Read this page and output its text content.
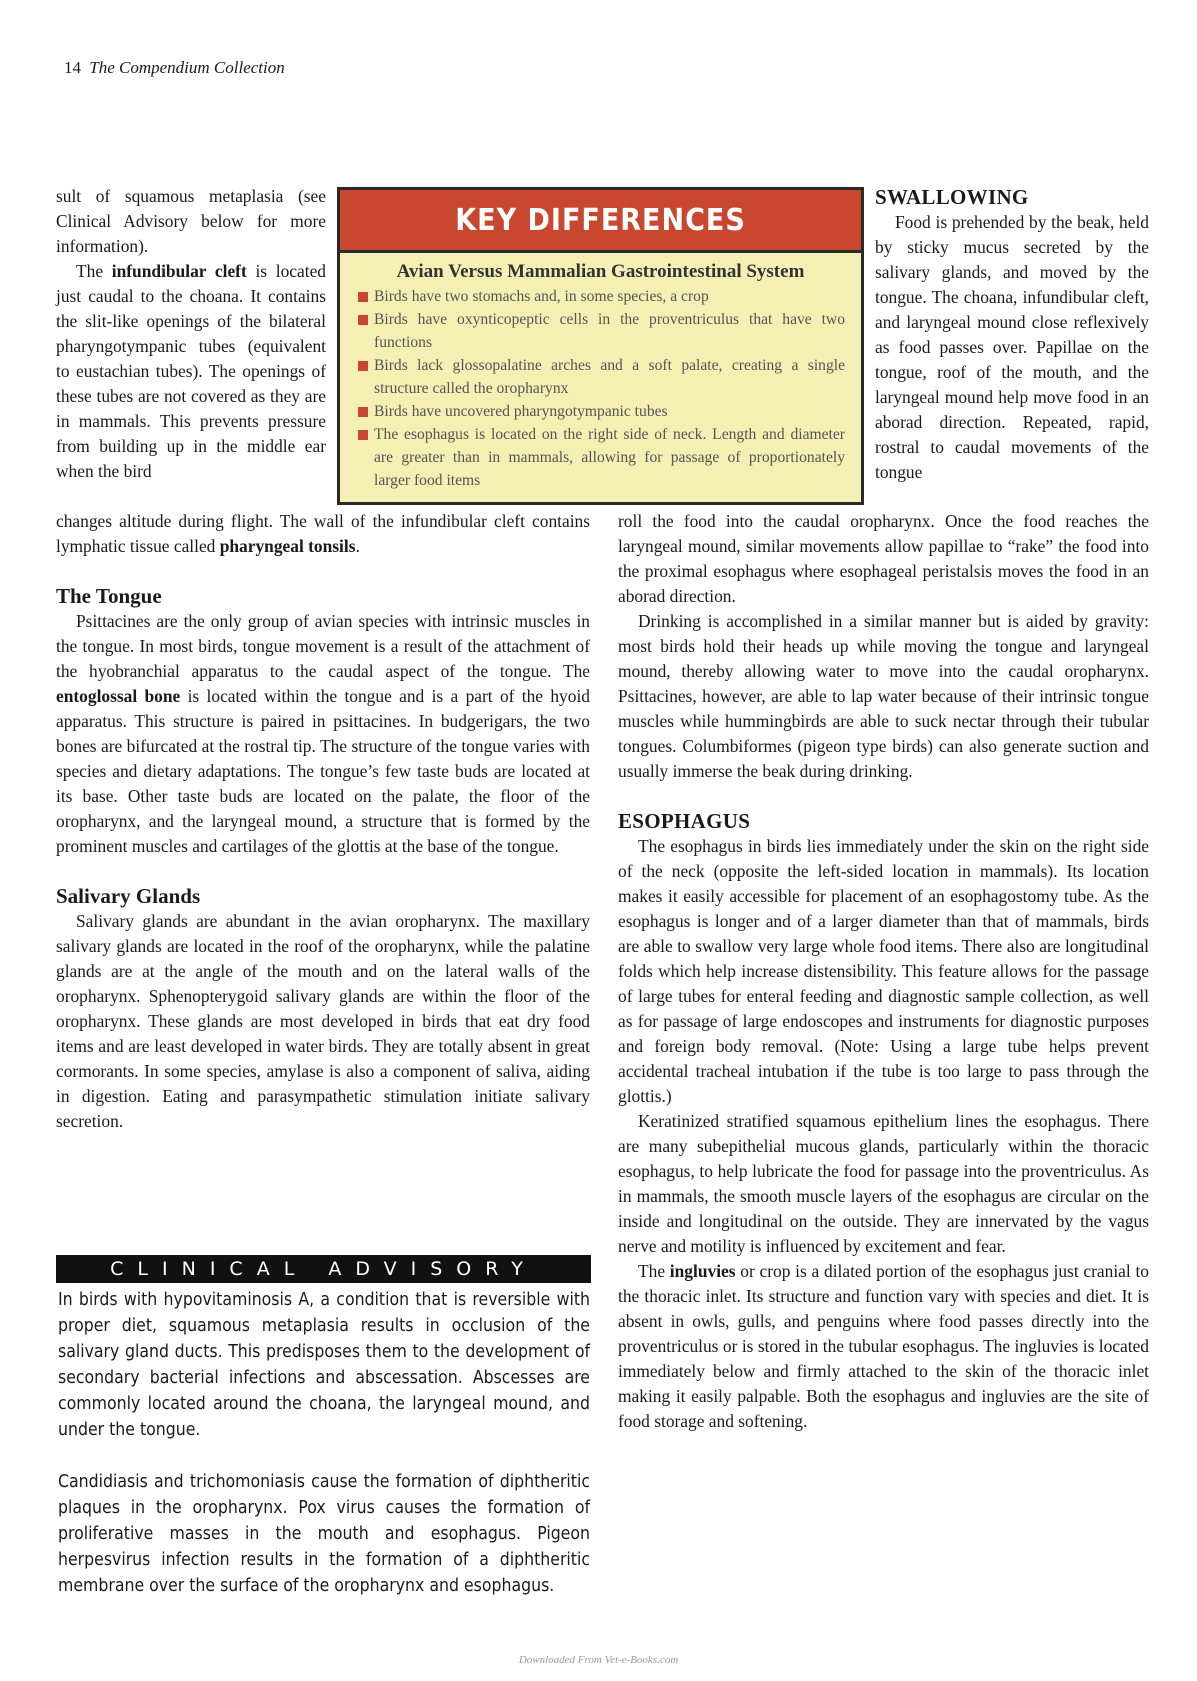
14 The Compendium Collection

sult of squamous metaplasia (see Clinical Advisory below for more information).

The infundibular cleft is located just caudal to the choana. It contains the slit-like openings of the bilateral pharyngotympanic tubes (equivalent to eustachian tubes). The openings of these tubes are not covered as they are in mammals. This prevents pressure from building up in the middle ear when the bird

KEY DIFFERENCES
Avian Versus Mammalian Gastrointestinal System
Birds have two stomachs and, in some species, a crop
Birds have oxynticopeptic cells in the proventriculus that have two functions
Birds lack glossopalatine arches and a soft palate, creating a single structure called the oropharynx
Birds have uncovered pharyngotympanic tubes
The esophagus is located on the right side of neck. Length and diameter are greater than in mammals, allowing for passage of proportionately larger food items
SWALLOWING

Food is prehended by the beak, held by sticky mucus secreted by the salivary glands, and moved by the tongue. The choana, infundibular cleft, and laryngeal mound close reflexively as food passes over. Papillae on the tongue, roof of the mouth, and the laryngeal mound help move food in an aborad direction. Repeated, rapid, rostral to caudal movements of the tongue

changes altitude during flight. The wall of the infundibular cleft contains lymphatic tissue called pharyngeal tonsils.

The Tongue

Psittacines are the only group of avian species with intrinsic muscles in the tongue. In most birds, tongue movement is a result of the attachment of the hyobranchial apparatus to the caudal aspect of the tongue. The entoglossal bone is located within the tongue and is a part of the hyoid apparatus. This structure is paired in psittacines. In budgerigars, the two bones are bifurcated at the rostral tip. The structure of the tongue varies with species and dietary adaptations. The tongue’s few taste buds are located at its base. Other taste buds are located on the palate, the floor of the oropharynx, and the laryngeal mound, a structure that is formed by the prominent muscles and cartilages of the glottis at the base of the tongue.

Salivary Glands

Salivary glands are abundant in the avian oropharynx. The maxillary salivary glands are located in the roof of the oropharynx, while the palatine glands are at the angle of the mouth and on the lateral walls of the oropharynx. Sphenopterygoid salivary glands are within the floor of the oropharynx. These glands are most developed in birds that eat dry food items and are least developed in water birds. They are totally absent in great cormorants. In some species, amylase is also a component of saliva, aiding in digestion. Eating and parasympathetic stimulation initiate salivary secretion.

CLINICAL ADVISORY

In birds with hypovitaminosis A, a condition that is reversible with proper diet, squamous metaplasia results in occlusion of the salivary gland ducts. This predisposes them to the development of secondary bacterial infections and abscessation. Abscesses are commonly located around the choana, the laryngeal mound, and under the tongue.

Candidiasis and trichomoniasis cause the formation of diphtheritic plaques in the oropharynx. Pox virus causes the formation of proliferative masses in the mouth and esophagus. Pigeon herpesvirus infection results in the formation of a diphtheritic membrane over the surface of the oropharynx and esophagus.

roll the food into the caudal oropharynx. Once the food reaches the laryngeal mound, similar movements allow papillae to “rake” the food into the proximal esophagus where esophageal peristalsis moves the food in an aborad direction.

Drinking is accomplished in a similar manner but is aided by gravity: most birds hold their heads up while moving the tongue and laryngeal mound, thereby allowing water to move into the caudal oropharynx. Psittacines, however, are able to lap water because of their intrinsic tongue muscles while hummingbirds are able to suck nectar through their tubular tongues. Columbiformes (pigeon type birds) can also generate suction and usually immerse the beak during drinking.

ESOPHAGUS

The esophagus in birds lies immediately under the skin on the right side of the neck (opposite the left-sided location in mammals). Its location makes it easily accessible for placement of an esophagostomy tube. As the esophagus is longer and of a larger diameter than that of mammals, birds are able to swallow very large whole food items. There also are longitudinal folds which help increase distensibility. This feature allows for the passage of large tubes for enteral feeding and diagnostic sample collection, as well as for passage of large endoscopes and instruments for diagnostic purposes and foreign body removal. (Note: Using a large tube helps prevent accidental tracheal intubation if the tube is too large to pass through the glottis.)

Keratinized stratified squamous epithelium lines the esophagus. There are many subepithelial mucous glands, particularly within the thoracic esophagus, to help lubricate the food for passage into the proventriculus. As in mammals, the smooth muscle layers of the esophagus are circular on the inside and longitudinal on the outside. They are innervated by the vagus nerve and motility is influenced by excitement and fear.

The ingluvies or crop is a dilated portion of the esophagus just cranial to the thoracic inlet. Its structure and function vary with species and diet. It is absent in owls, gulls, and penguins where food passes directly into the proventriculus or is stored in the tubular esophagus. The ingluvies is located immediately below and firmly attached to the skin of the thoracic inlet making it easily palpable. Both the esophagus and ingluvies are the site of food storage and softening.

Downloaded From Vet-e-Books.com
